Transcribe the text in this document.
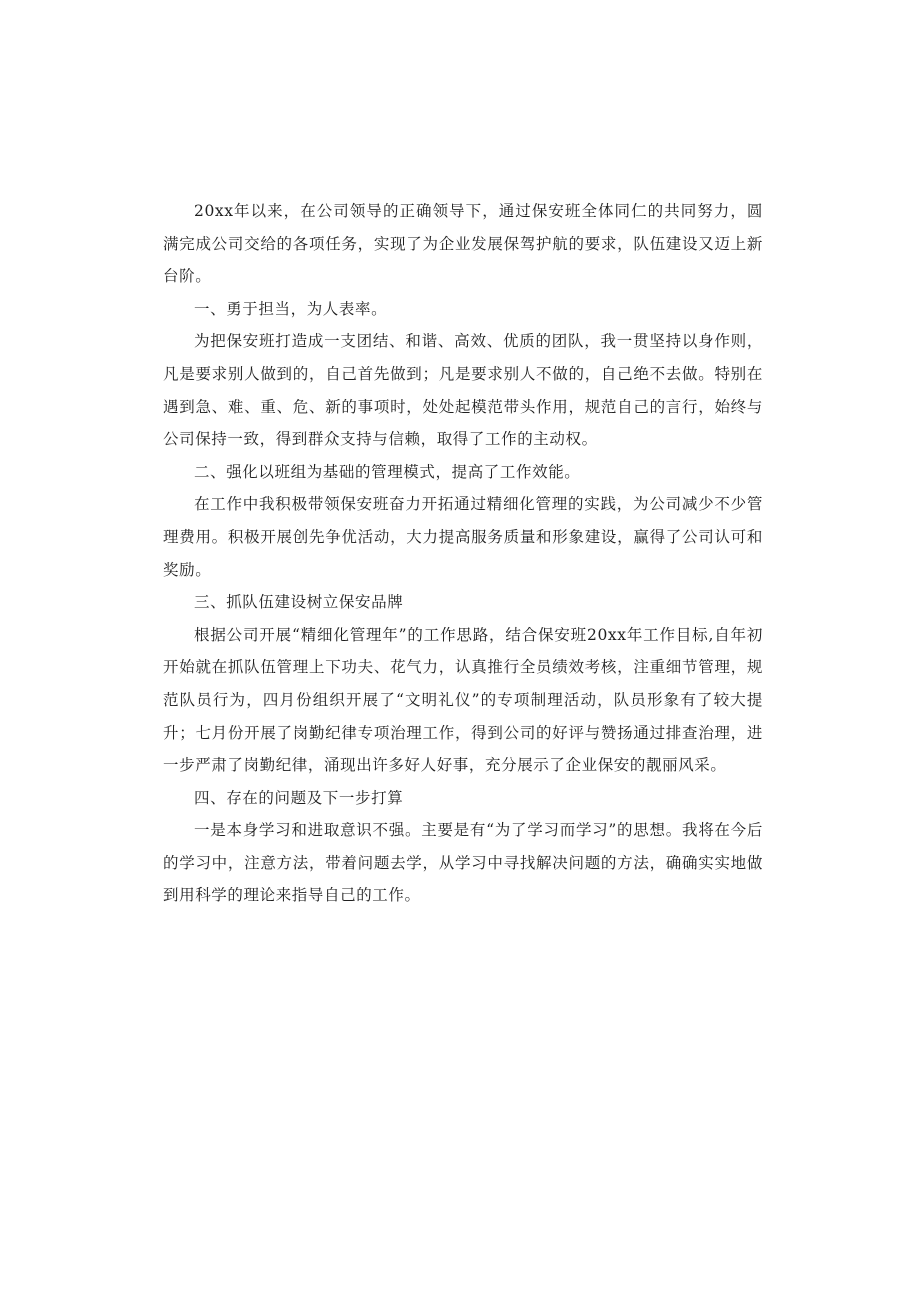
20xx年以来，在公司领导的正确领导下，通过保安班全体同仁的共同努力，圆满完成公司交给的各项任务，实现了为企业发展保驾护航的要求，队伍建设又迈上新台阶。

一、勇于担当，为人表率。

为把保安班打造成一支团结、和谐、高效、优质的团队，我一贯坚持以身作则，凡是要求别人做到的，自己首先做到；凡是要求别人不做的，自己绝不去做。特别在遇到急、难、重、危、新的事项时，处处起模范带头作用，规范自己的言行，始终与公司保持一致，得到群众支持与信赖，取得了工作的主动权。

二、强化以班组为基础的管理模式，提高了工作效能。

在工作中我积极带领保安班奋力开拓通过精细化管理的实践，为公司减少不少管理费用。积极开展创先争优活动，大力提高服务质量和形象建设，赢得了公司认可和奖励。

三、抓队伍建设树立保安品牌

根据公司开展“精细化管理年”的工作思路，结合保安班20xx年工作目标,自年初开始就在抓队伍管理上下功夫、花气力，认真推行全员绩效考核，注重细节管理，规范队员行为，四月份组织开展了“文明礼仪”的专项制理活动，队员形象有了较大提升；七月份开展了岗勤纪律专项治理工作，得到公司的好评与赞扬通过排查治理，进一步严肃了岗勤纪律，涌现出许多好人好事，充分展示了企业保安的靓丽风采。

四、存在的问题及下一步打算

一是本身学习和进取意识不强。主要是有“为了学习而学习”的思想。我将在今后的学习中，注意方法，带着问题去学，从学习中寻找解决问题的方法，确确实实地做到用科学的理论来指导自己的工作。
